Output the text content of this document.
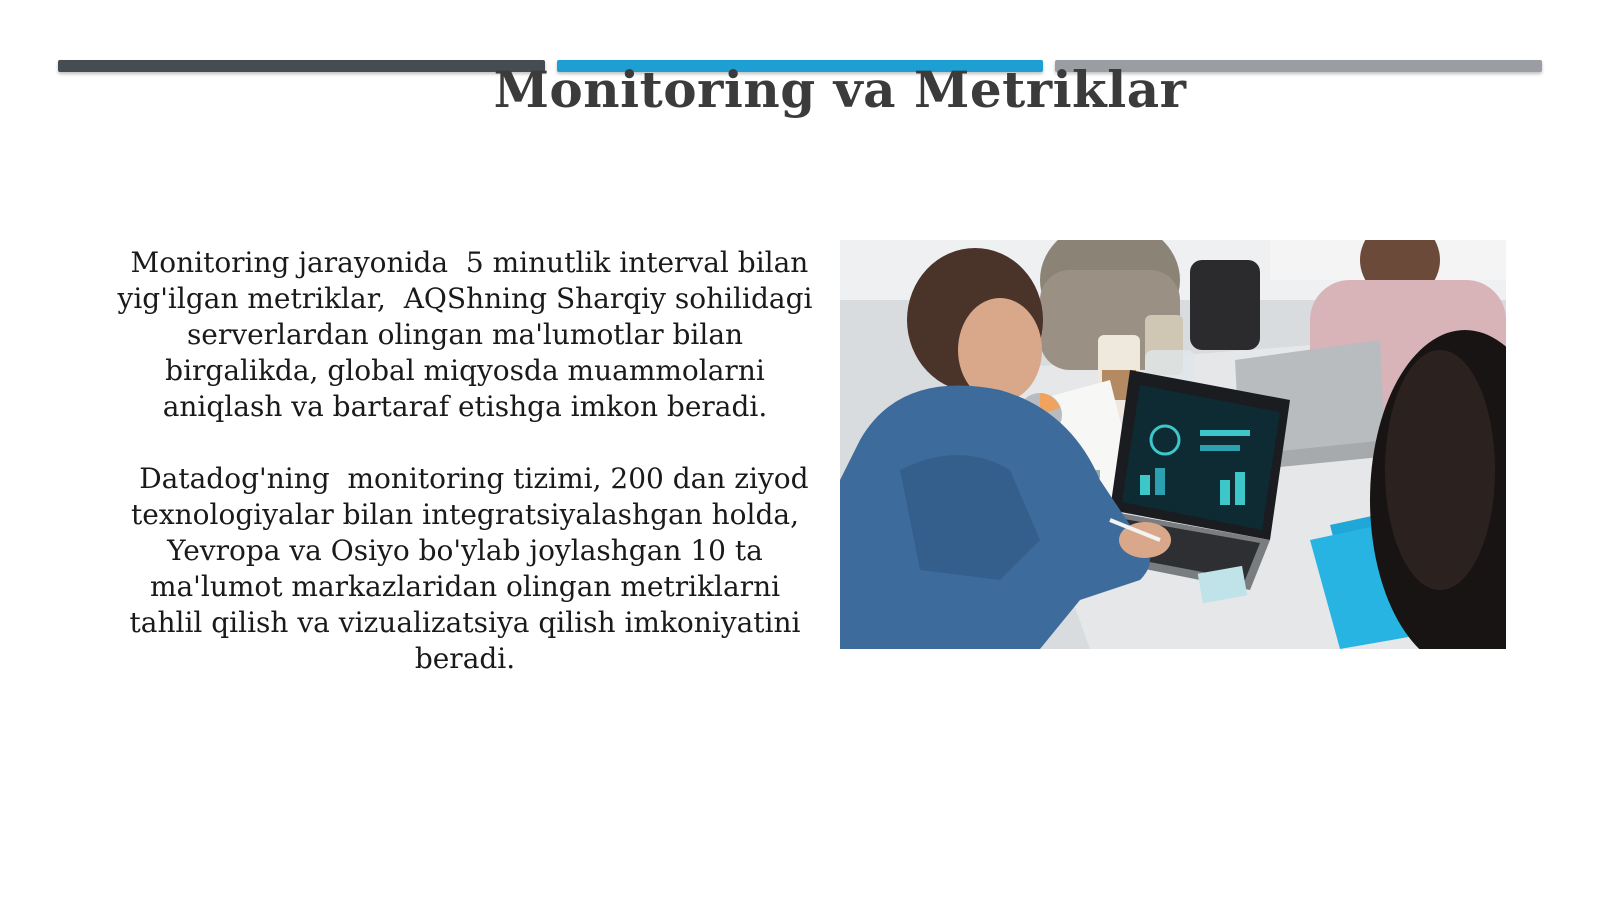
Monitoring va Metriklar

Monitoring jarayonida  5 minutlik interval bilan yig'ilgan metriklar,  AQShning Sharqiy sohilidagi serverlardan olingan ma'lumotlar bilan birgalikda, global miqyosda muammolarni aniqlash va bartaraf etishga imkon beradi.

Datadog'ning  monitoring tizimi, 200 dan ziyod texnologiyalar bilan integratsiyalashgan holda, Yevropa va Osiyo bo'ylab joylashgan 10 ta ma'lumot markazlaridan olingan metriklarni tahlil qilish va vizualizatsiya qilish imkoniyatini beradi.
